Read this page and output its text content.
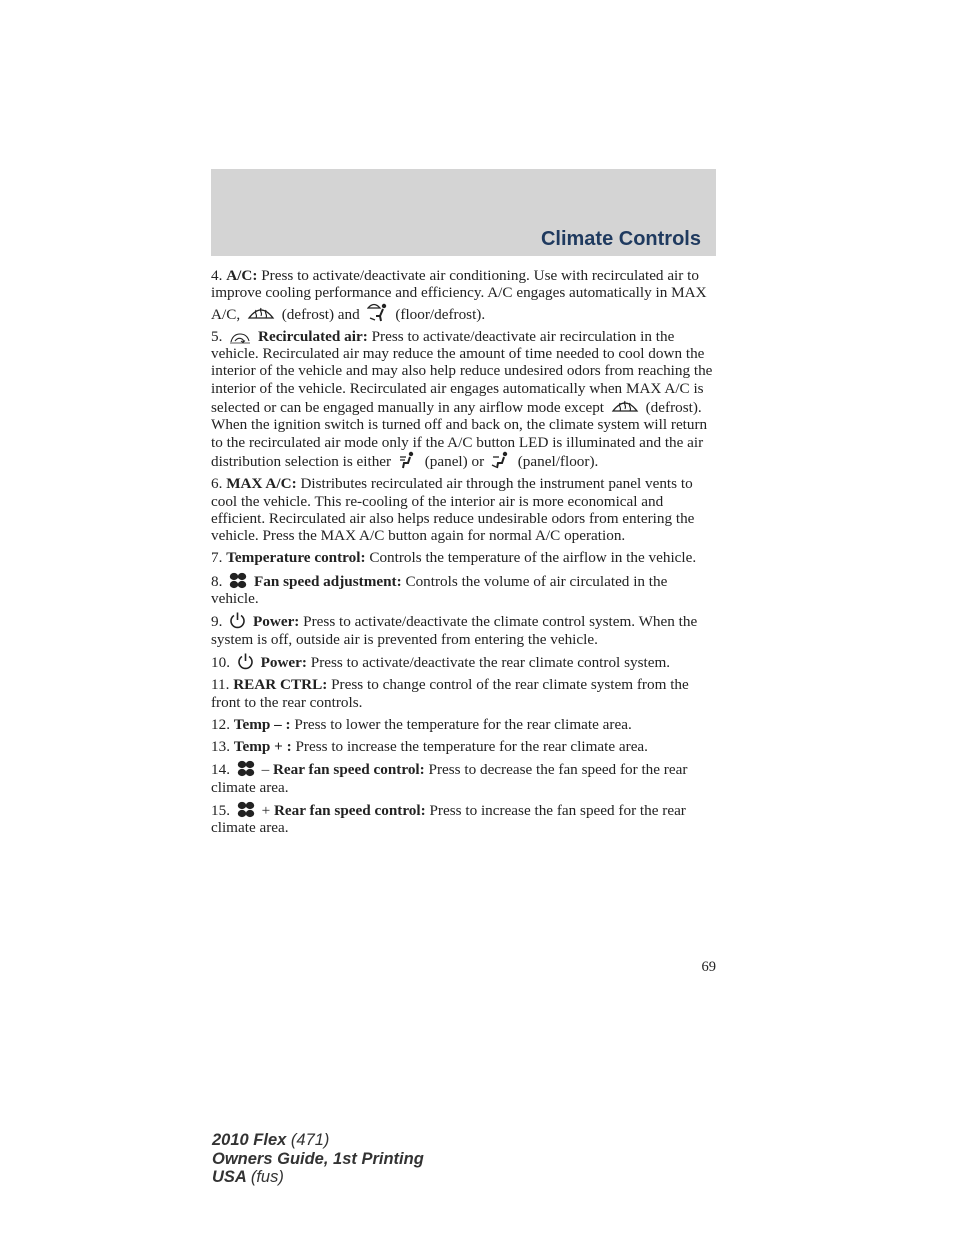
Climate Controls

4. A/C: Press to activate/deactivate air conditioning. Use with recirculated air to improve cooling performance and efficiency. A/C engages automatically in MAX A/C,	(defrost) and (floor/defrost).

5. Recirculated air: Press to activate/deactivate air recirculation in the vehicle. Recirculated air may reduce the amount of time needed to cool down the interior of the vehicle and may also help reduce undesired odors from reaching the interior of the vehicle. Recirculated air engages automatically when MAX A/C is selected or can be engaged manually in any airflow mode except	(defrost). When the ignition switch is turned off and back on, the climate system will return to the recirculated air mode only if the A/C button LED is illuminated and the air distribution selection is either (panel) or (panel/floor).

6. MAX A/C: Distributes recirculated air through the instrument panel vents to cool the vehicle. This re-cooling of the interior air is more economical and efficient. Recirculated air also helps reduce undesirable odors from entering the vehicle. Press the MAX A/C button again for normal A/C operation.

7. Temperature control: Controls the temperature of the airflow in the vehicle.

8. Fan speed adjustment: Controls the volume of air circulated in the vehicle.

9. Power: Press to activate/deactivate the climate control system. When the system is off, outside air is prevented from entering the vehicle.

10. Power: Press to activate/deactivate the rear climate control system.

11. REAR CTRL: Press to change control of the rear climate system from the front to the rear controls.

12. Temp – : Press to lower the temperature for the rear climate area.

13. Temp + : Press to increase the temperature for the rear climate area.

14. – Rear fan speed control: Press to decrease the fan speed for the rear climate area.

15. + Rear fan speed control: Press to increase the fan speed for the rear climate area.

69
2010 Flex (471)
Owners Guide, 1st Printing
USA (fus)
